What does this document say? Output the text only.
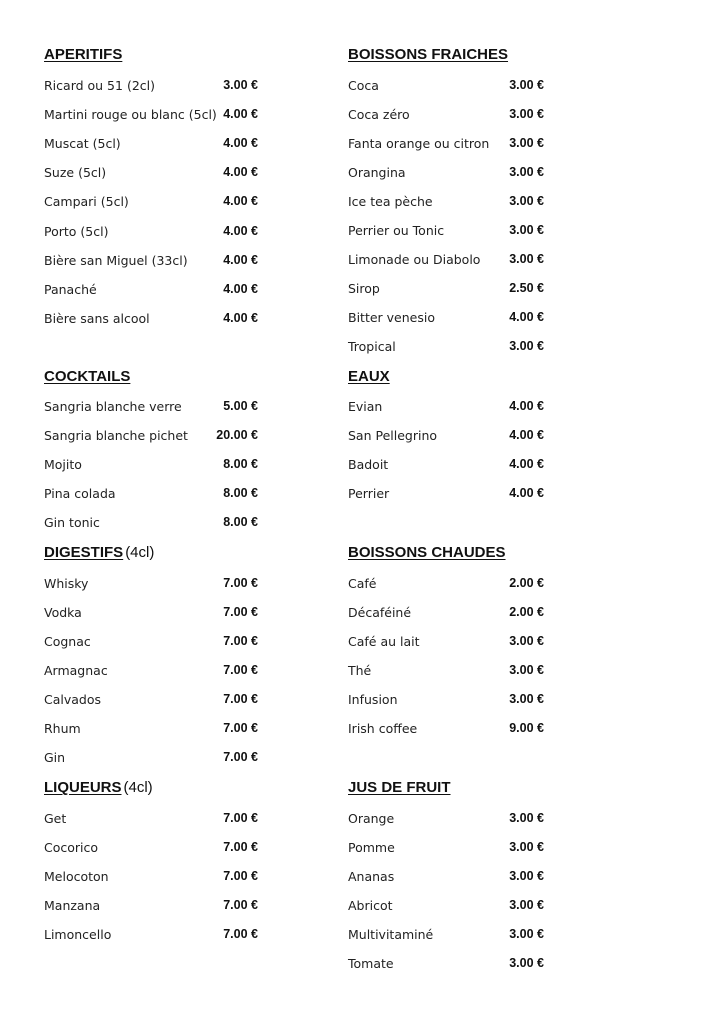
APERITIFS
Ricard ou 51 (2cl)	3.00 €
Martini rouge ou blanc (5cl) 4.00 €
Muscat (5cl)	4.00 €
Suze (5cl)	4.00 €
Campari (5cl)	4.00 €
Porto (5cl)	4.00 €
Bière san Miguel (33cl)	4.00 €
Panaché	4.00 €
Bière sans alcool	4.00 €
COCKTAILS
Sangria blanche verre	5.00 €
Sangria blanche pichet	20.00 €
Mojito	8.00 €
Pina colada	8.00 €
Gin tonic	8.00 €
DIGESTIFS (4cl)
Whisky	7.00 €
Vodka	7.00 €
Cognac	7.00 €
Armagnac	7.00 €
Calvados	7.00 €
Rhum	7.00 €
Gin	7.00 €
LIQUEURS (4cl)
Get	7.00 €
Cocorico	7.00 €
Melocoton	7.00 €
Manzana	7.00 €
Limoncello	7.00 €
BOISSONS FRAICHES
Coca	3.00 €
Coca zéro	3.00 €
Fanta orange ou citron	3.00 €
Orangina	3.00 €
Ice tea pèche	3.00 €
Perrier ou Tonic	3.00 €
Limonade ou Diabolo	3.00 €
Sirop	2.50 €
Bitter venesio	4.00 €
Tropical	3.00 €
EAUX
Evian	4.00 €
San Pellegrino	4.00 €
Badoit	4.00 €
Perrier	4.00 €
BOISSONS CHAUDES
Café	2.00 €
Décaféiné	2.00 €
Café au lait	3.00 €
Thé	3.00 €
Infusion	3.00 €
Irish coffee	9.00 €
JUS DE FRUIT
Orange	3.00 €
Pomme	3.00 €
Ananas	3.00 €
Abricot	3.00 €
Multivitaminé	3.00 €
Tomate	3.00 €
